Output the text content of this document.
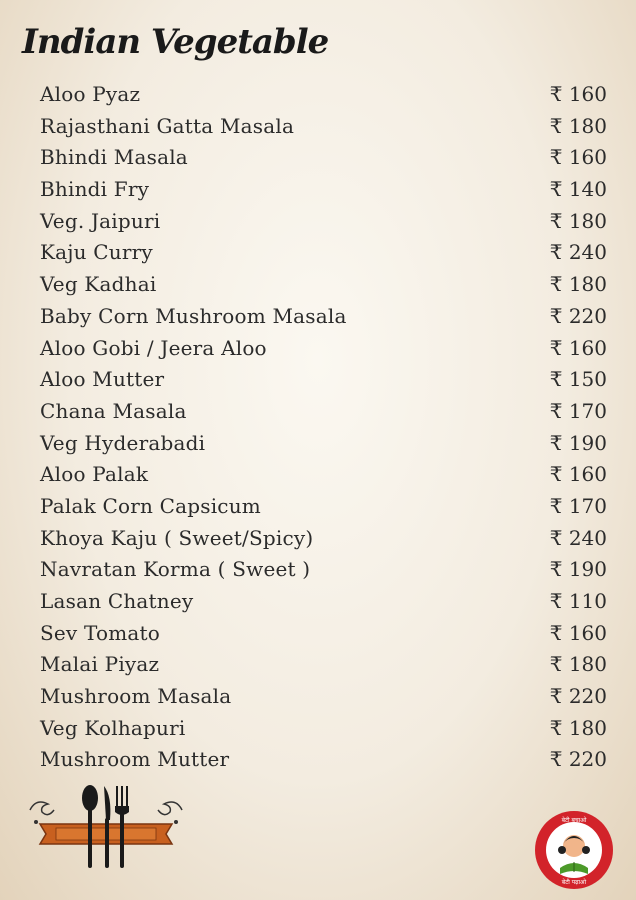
Indian Vegetable
Aloo Pyaz	₹ 160
Rajasthani Gatta Masala	₹ 180
Bhindi Masala	₹ 160
Bhindi Fry	₹ 140
Veg. Jaipuri	₹ 180
Kaju Curry	₹ 240
Veg Kadhai	₹ 180
Baby Corn Mushroom Masala	₹ 220
Aloo Gobi / Jeera Aloo	₹ 160
Aloo Mutter	₹ 150
Chana Masala	₹ 170
Veg Hyderabadi	₹ 190
Aloo Palak	₹ 160
Palak Corn Capsicum	₹ 170
Khoya Kaju ( Sweet/Spicy)	₹ 240
Navratan Korma ( Sweet )	₹ 190
Lasan Chatney	₹ 110
Sev Tomato	₹ 160
Malai Piyaz	₹ 180
Mushroom Masala	₹ 220
Veg Kolhapuri	₹ 180
Mushroom Mutter	₹ 220
बेटी बचाओ
बेटी पढ़ाओ
